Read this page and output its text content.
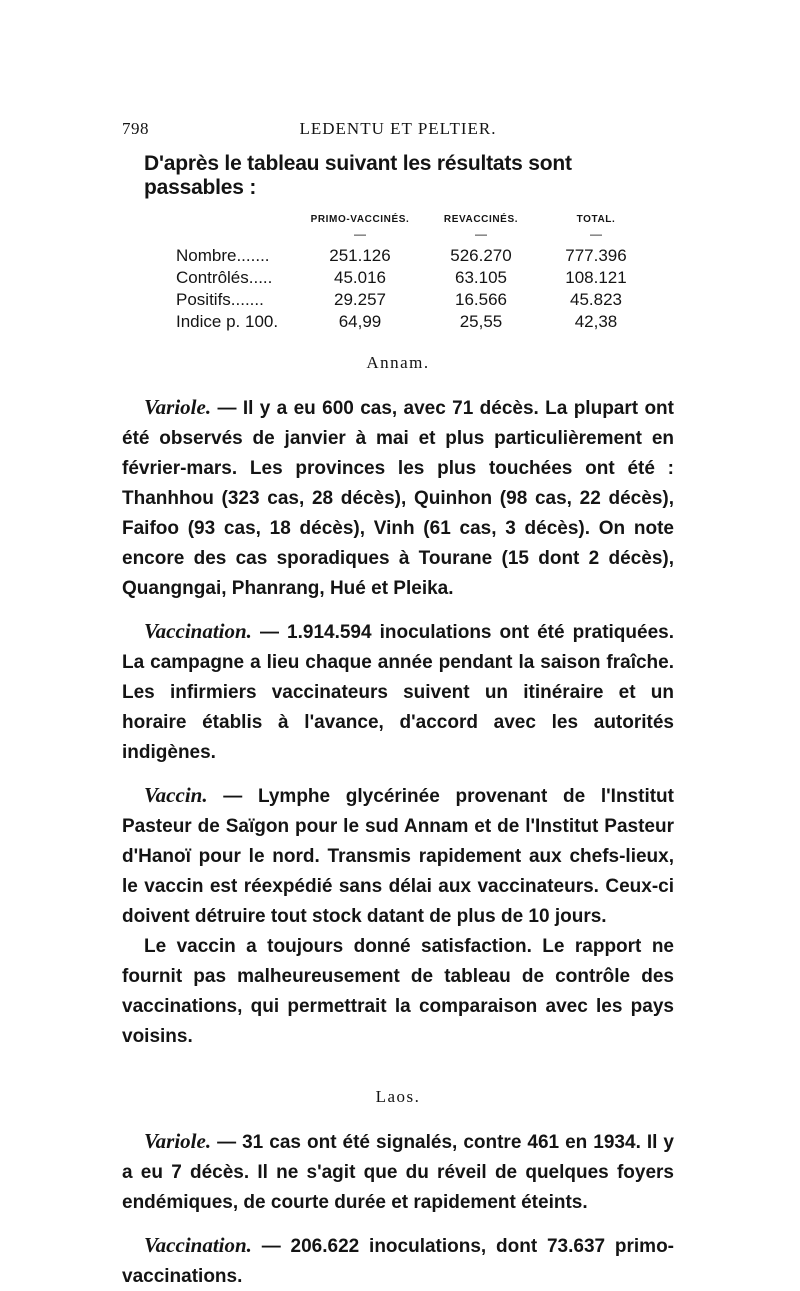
798	LEDENTU ET PELTIER.
D'après le tableau suivant les résultats sont passables :
	PRIMO-VACCINÉS.	REVACCINÉS.	TOTAL.
	—	—	—
Nombre.......	251.126	526.270	777.396
Contrôlés.....	45.016	63.105	108.121
Positifs.......	29.257	16.566	45.823
Indice p. 100.	64,99	25,55	42,38
Annam.

Variole. — Il y a eu 600 cas, avec 71 décès. La plupart ont été observés de janvier à mai et plus particulièrement en février-mars. Les provinces les plus touchées ont été : Thanhhou (323 cas, 28 décès), Quinhon (98 cas, 22 décès), Faifoo (93 cas, 18 décès), Vinh (61 cas, 3 décès). On note encore des cas sporadiques à Tourane (15 dont 2 décès), Quangngai, Phanrang, Hué et Pleika.

Vaccination. — 1.914.594 inoculations ont été pratiquées. La campagne a lieu chaque année pendant la saison fraîche. Les infirmiers vaccinateurs suivent un itinéraire et un horaire établis à l'avance, d'accord avec les autorités indigènes.

Vaccin. — Lymphe glycérinée provenant de l'Institut Pasteur de Saïgon pour le sud Annam et de l'Institut Pasteur d'Hanoï pour le nord. Transmis rapidement aux chefs-lieux, le vaccin est réexpédié sans délai aux vaccinateurs. Ceux-ci doivent détruire tout stock datant de plus de 10 jours.

Le vaccin a toujours donné satisfaction. Le rapport ne fournit pas malheureusement de tableau de contrôle des vaccinations, qui permettrait la comparaison avec les pays voisins.

Laos.

Variole. — 31 cas ont été signalés, contre 461 en 1934. Il y a eu 7 décès. Il ne s'agit que du réveil de quelques foyers endémiques, de courte durée et rapidement éteints.

Vaccination. — 206.622 inoculations, dont 73.637 primo-vaccinations.
